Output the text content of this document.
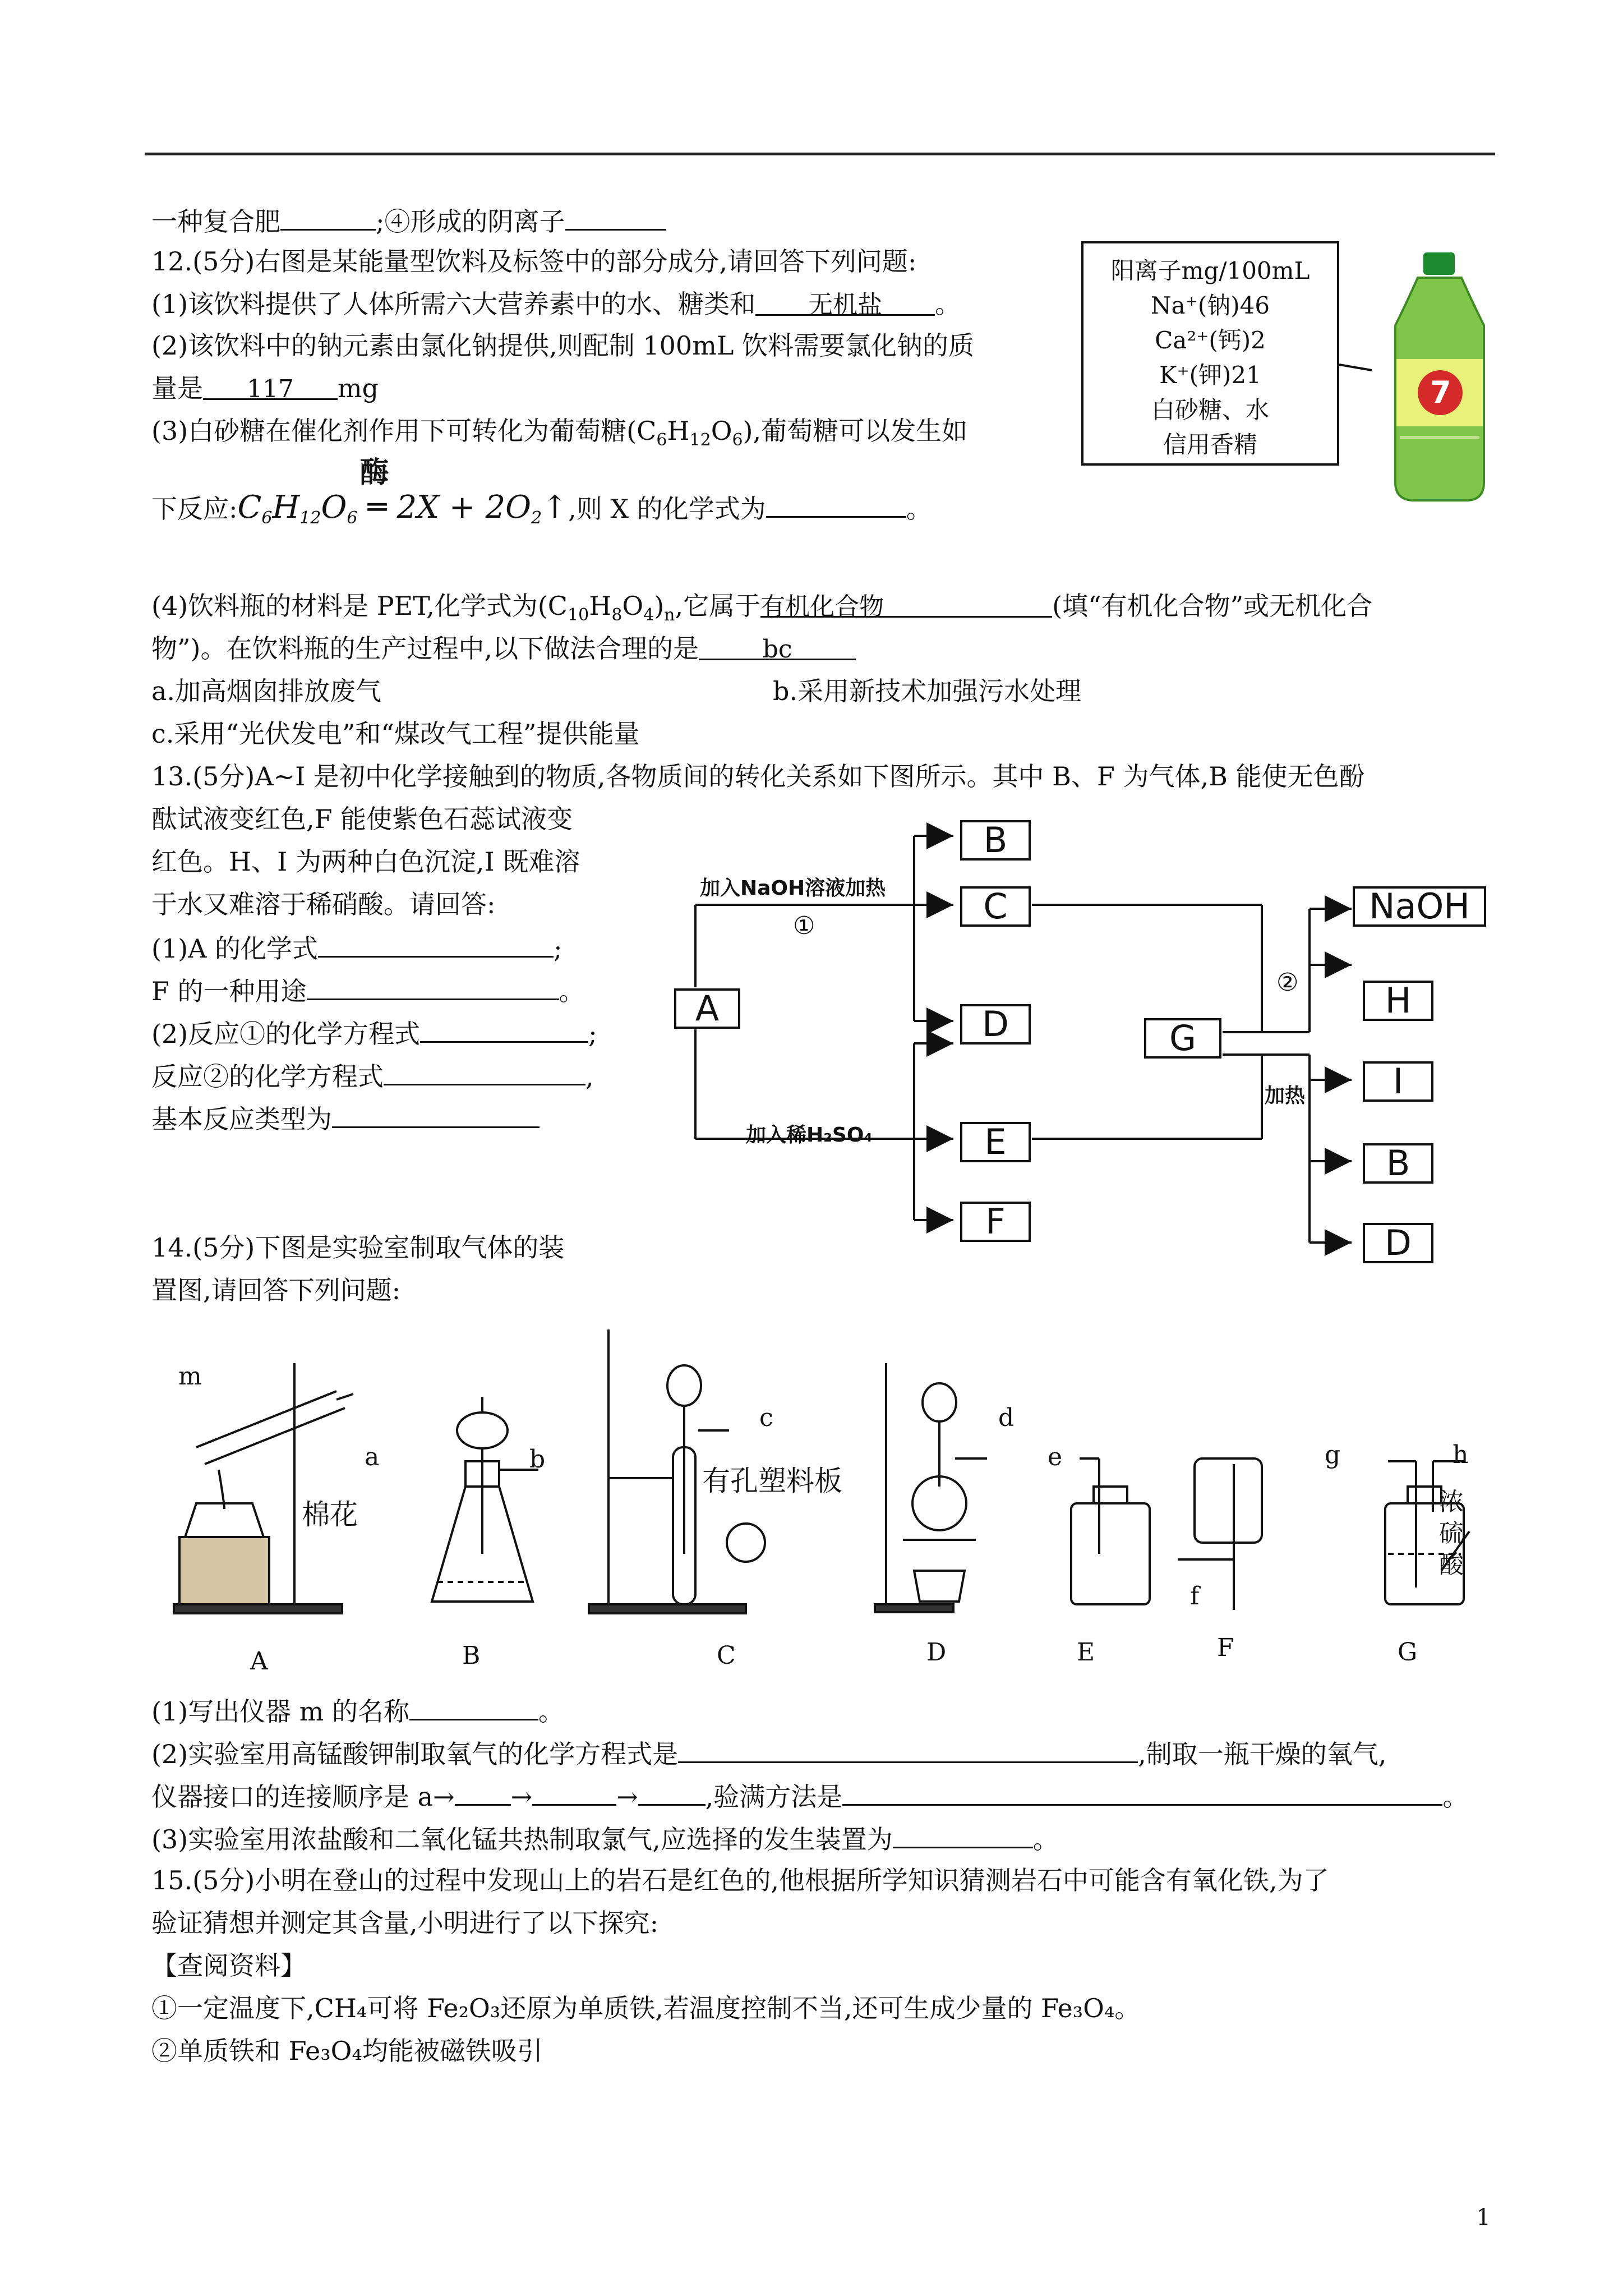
一种复合肥	;④形成的阴离子
12.(5分)右图是某能量型饮料及标签中的部分成分,请回答下列问题:
(1)该饮料提供了人体所需六大营养素中的水、糖类和 无机盐 。
(2)该饮料中的钠元素由氯化钠提供,则配制 100mL 饮料需要氯化钠的质
量是 117 mg
(3)白砂糖在催化剂作用下可转化为葡萄糖$(C_6H_{12}O_6)$,葡萄糖可以发生如
下反应$:C_6H_{12}O_6$
酶
═ $2X + 2O_2↑$,则 X 的化学式为	。
(4)饮料瓶的材料是 PET,化学式为$(C_{10}H_8O_4)_n$,它属于有机化合物	(填“有机化合物”或无机化合
物”)。在饮料瓶的生产过程中,以下做法合理的是	bc
a.加高烟囱排放废气	b.采用新技术加强污水处理
c.采用“光伏发电”和“煤改气工程”提供能量
阳离子mg/100mL
Na⁺(钠)46
Ca²⁺(钙)2
K⁺(钾)21
白砂糖、水
信用香精
7
13.(5分)A~I 是初中化学接触到的物质,各物质间的转化关系如下图所示。其中 B、F 为气体,B 能使无色酚
酞试液变红色,F 能使紫色石蕊试液变
红色。H、I 为两种白色沉淀,I 既难溶
于水又难溶于稀硝酸。请回答:
(1)A 的化学式	;
F 的一种用途	。
(2)反应①的化学方程式	;
反应②的化学方程式	,
基本反应类型为
A
B
C
D
E
F
G
NaOH
H
I
B
D
加入NaOH溶液加热
①
加入稀H₂SO₄
②
加热
14.(5分)下图是实验室制取气体的装
置图,请回答下列问题:
m
a
棉花
b
c
有孔塑料板
d
e
f
g	h
浓硫酸
A	B	C	D	E	F	G
(1)写出仪器 m 的名称	。
(2)实验室用高锰酸钾制取氧气的化学方程式是	,制取一瓶干燥的氧气,
仪器接口的连接顺序是 a→ →	→	,验满方法是	。
(3)实验室用浓盐酸和二氧化锰共热制取氯气,应选择的发生装置为	。
15.(5分)小明在登山的过程中发现山上的岩石是红色的,他根据所学知识猜测岩石中可能含有氧化铁,为了
验证猜想并测定其含量,小明进行了以下探究:
【查阅资料】
①一定温度下,CH₄可将 Fe₂O₃还原为单质铁,若温度控制不当,还可生成少量的 Fe₃O₄。
②单质铁和 Fe₃O₄均能被磁铁吸引
1
